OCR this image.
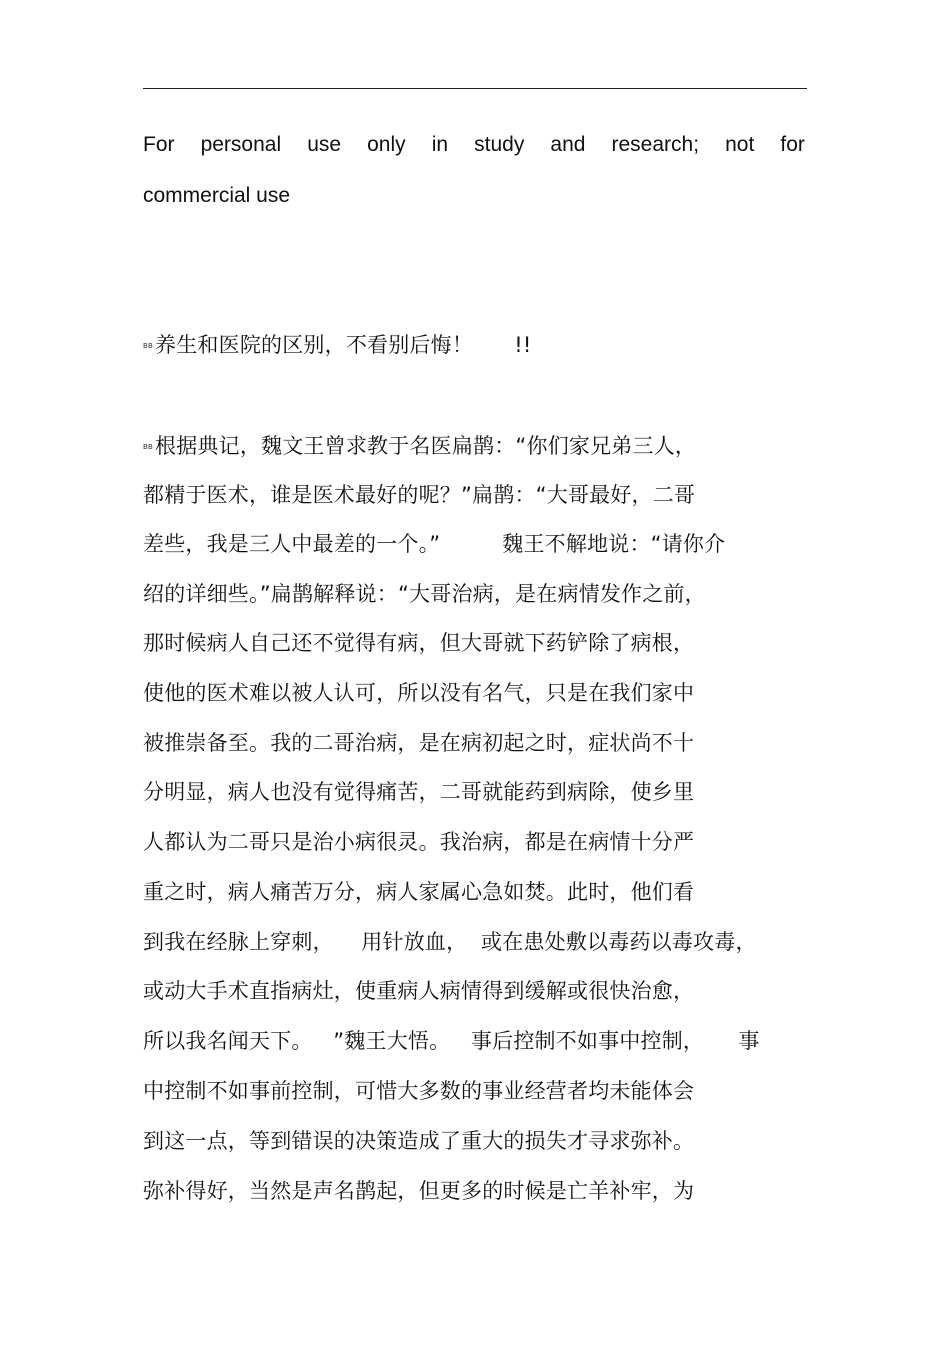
For personal use only in study and research; not for
commercial use
BB养生和医院的区别，不看别后悔！      !!
BB根据典记，魏文王曾求教于名医扁鹊：“你们家兄弟三人，
都精于医术，谁是医术最好的呢？”扁鹊：“大哥最好，二哥
差些，我是三人中最差的一个。”         魏王不解地说：“请你介
绍的详细些。”扁鹊解释说：“大哥治病，是在病情发作之前，
那时候病人自己还不觉得有病，但大哥就下药铲除了病根，
使他的医术难以被人认可，所以没有名气，只是在我们家中
被推崇备至。我的二哥治病，是在病初起之时，症状尚不十
分明显，病人也没有觉得痛苦，二哥就能药到病除，使乡里
人都认为二哥只是治小病很灵。我治病，都是在病情十分严
重之时，病人痛苦万分，病人家属心急如焚。此时，他们看
到我在经脉上穿刺，    用针放血，  或在患处敷以毒药以毒攻毒，
或动大手术直指病灶，使重病人病情得到缓解或很快治愈，
所以我名闻天下。   ”魏王大悟。   事后控制不如事中控制，     事
中控制不如事前控制，可惜大多数的事业经营者均未能体会
到这一点，等到错误的决策造成了重大的损失才寻求弥补。
弥补得好，当然是声名鹊起，但更多的时候是亡羊补牢，为
